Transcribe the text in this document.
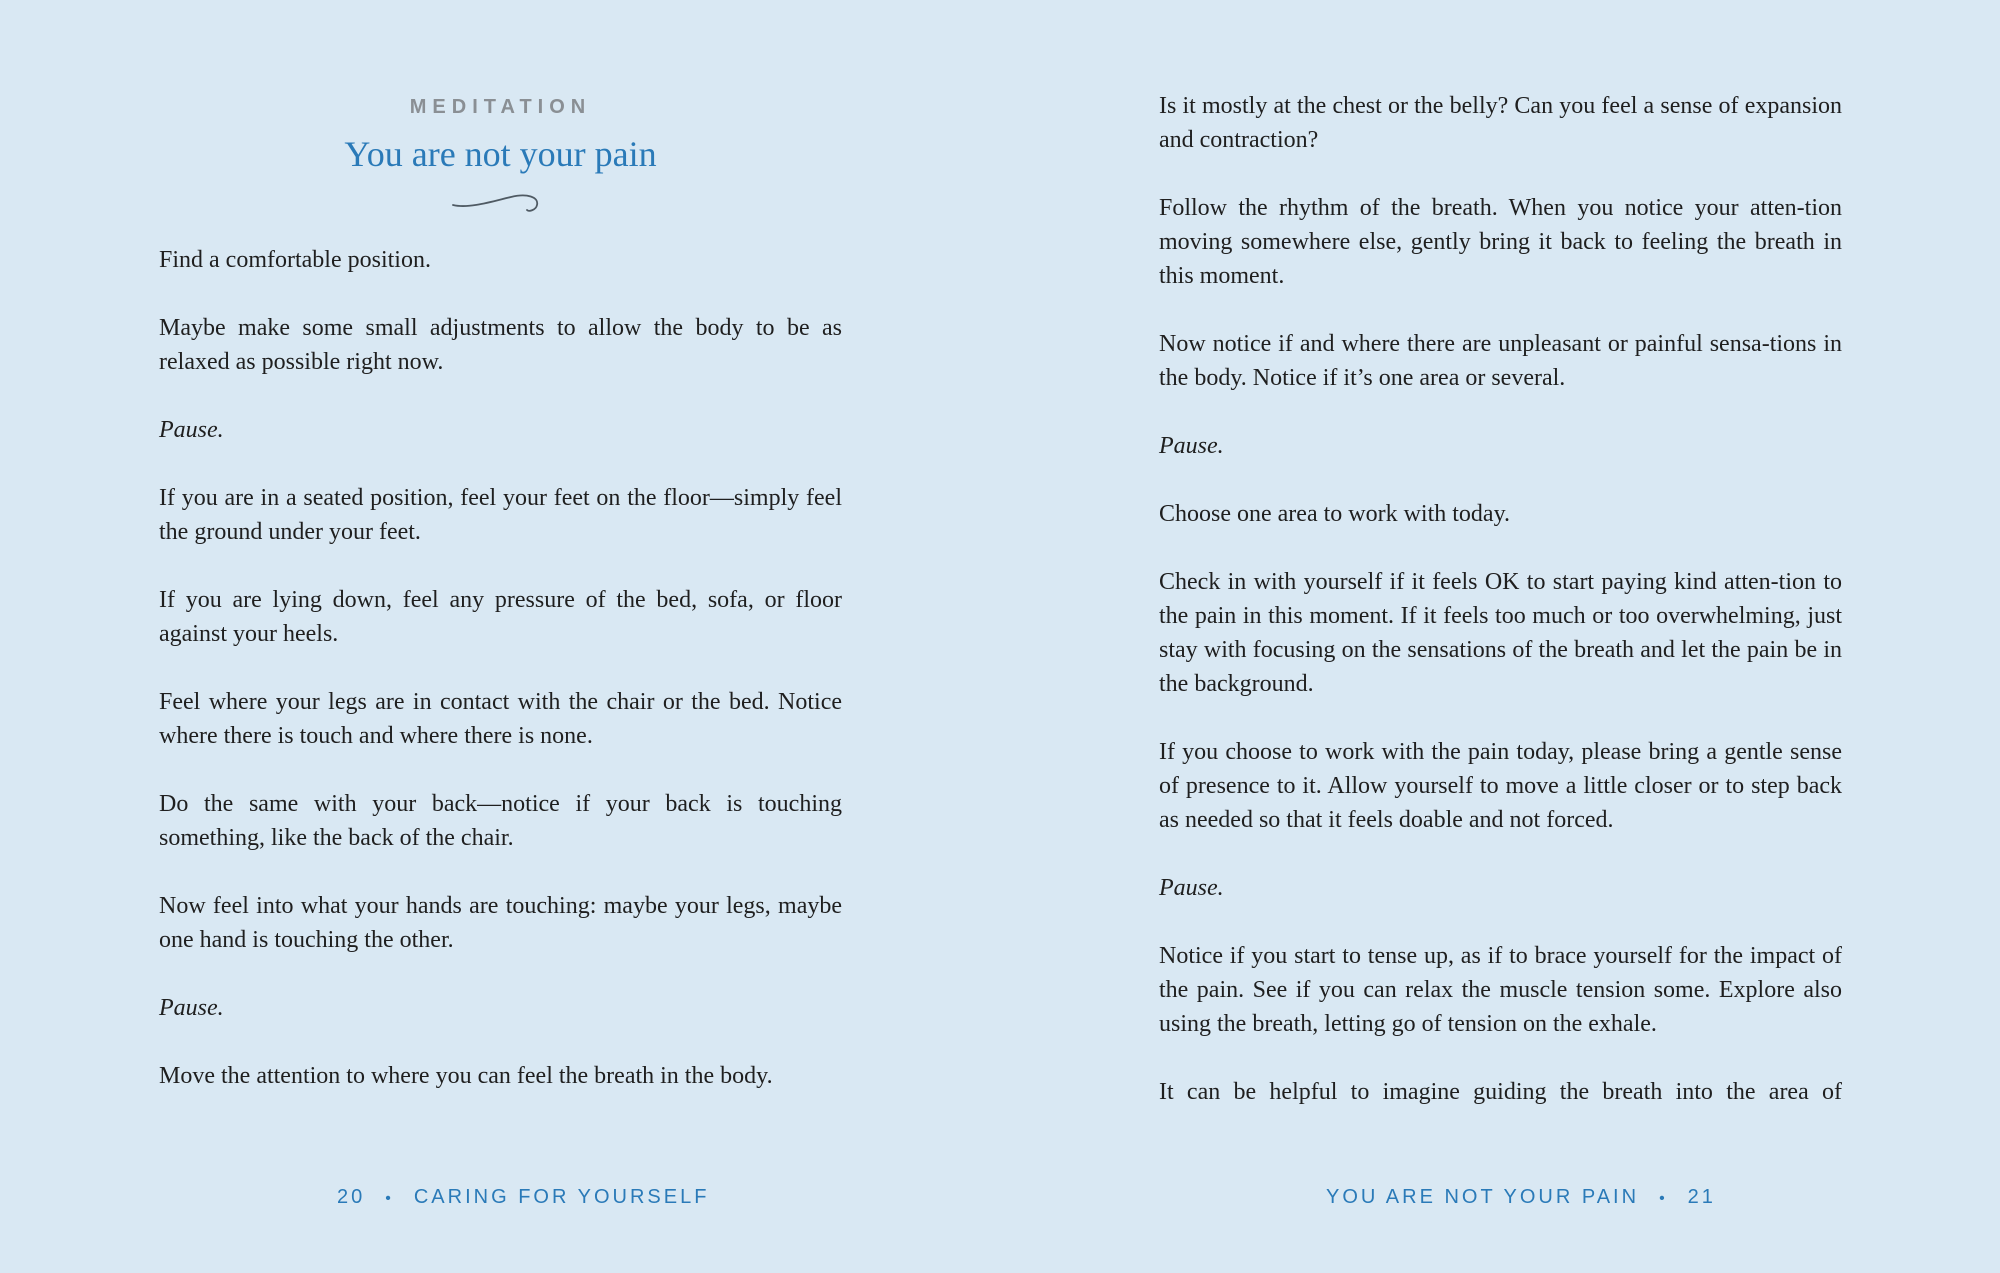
MEDITATION
You are not your pain

Find a comfortable position.

Maybe make some small adjustments to allow the body to be as relaxed as possible right now.

Pause.

If you are in a seated position, feel your feet on the floor—simply feel the ground under your feet.

If you are lying down, feel any pressure of the bed, sofa, or floor against your heels.

Feel where your legs are in contact with the chair or the bed. Notice where there is touch and where there is none.

Do the same with your back—notice if your back is touching something, like the back of the chair.

Now feel into what your hands are touching: maybe your legs, maybe one hand is touching the other.

Pause.

Move the attention to where you can feel the breath in the body.

Is it mostly at the chest or the belly? Can you feel a sense of expansion and contraction?

Follow the rhythm of the breath. When you notice your atten-tion moving somewhere else, gently bring it back to feeling the breath in this moment.

Now notice if and where there are unpleasant or painful sensa-tions in the body. Notice if it’s one area or several.

Pause.

Choose one area to work with today.

Check in with yourself if it feels OK to start paying kind atten-tion to the pain in this moment. If it feels too much or too overwhelming, just stay with focusing on the sensations of the breath and let the pain be in the background.

If you choose to work with the pain today, please bring a gentle sense of presence to it. Allow yourself to move a little closer or to step back as needed so that it feels doable and not forced.

Pause.

Notice if you start to tense up, as if to brace yourself for the impact of the pain. See if you can relax the muscle tension some. Explore also using the breath, letting go of tension on the exhale.

It can be helpful to imagine guiding the breath into the area of

20 • CARING FOR YOURSELF	YOU ARE NOT YOUR PAIN • 21
